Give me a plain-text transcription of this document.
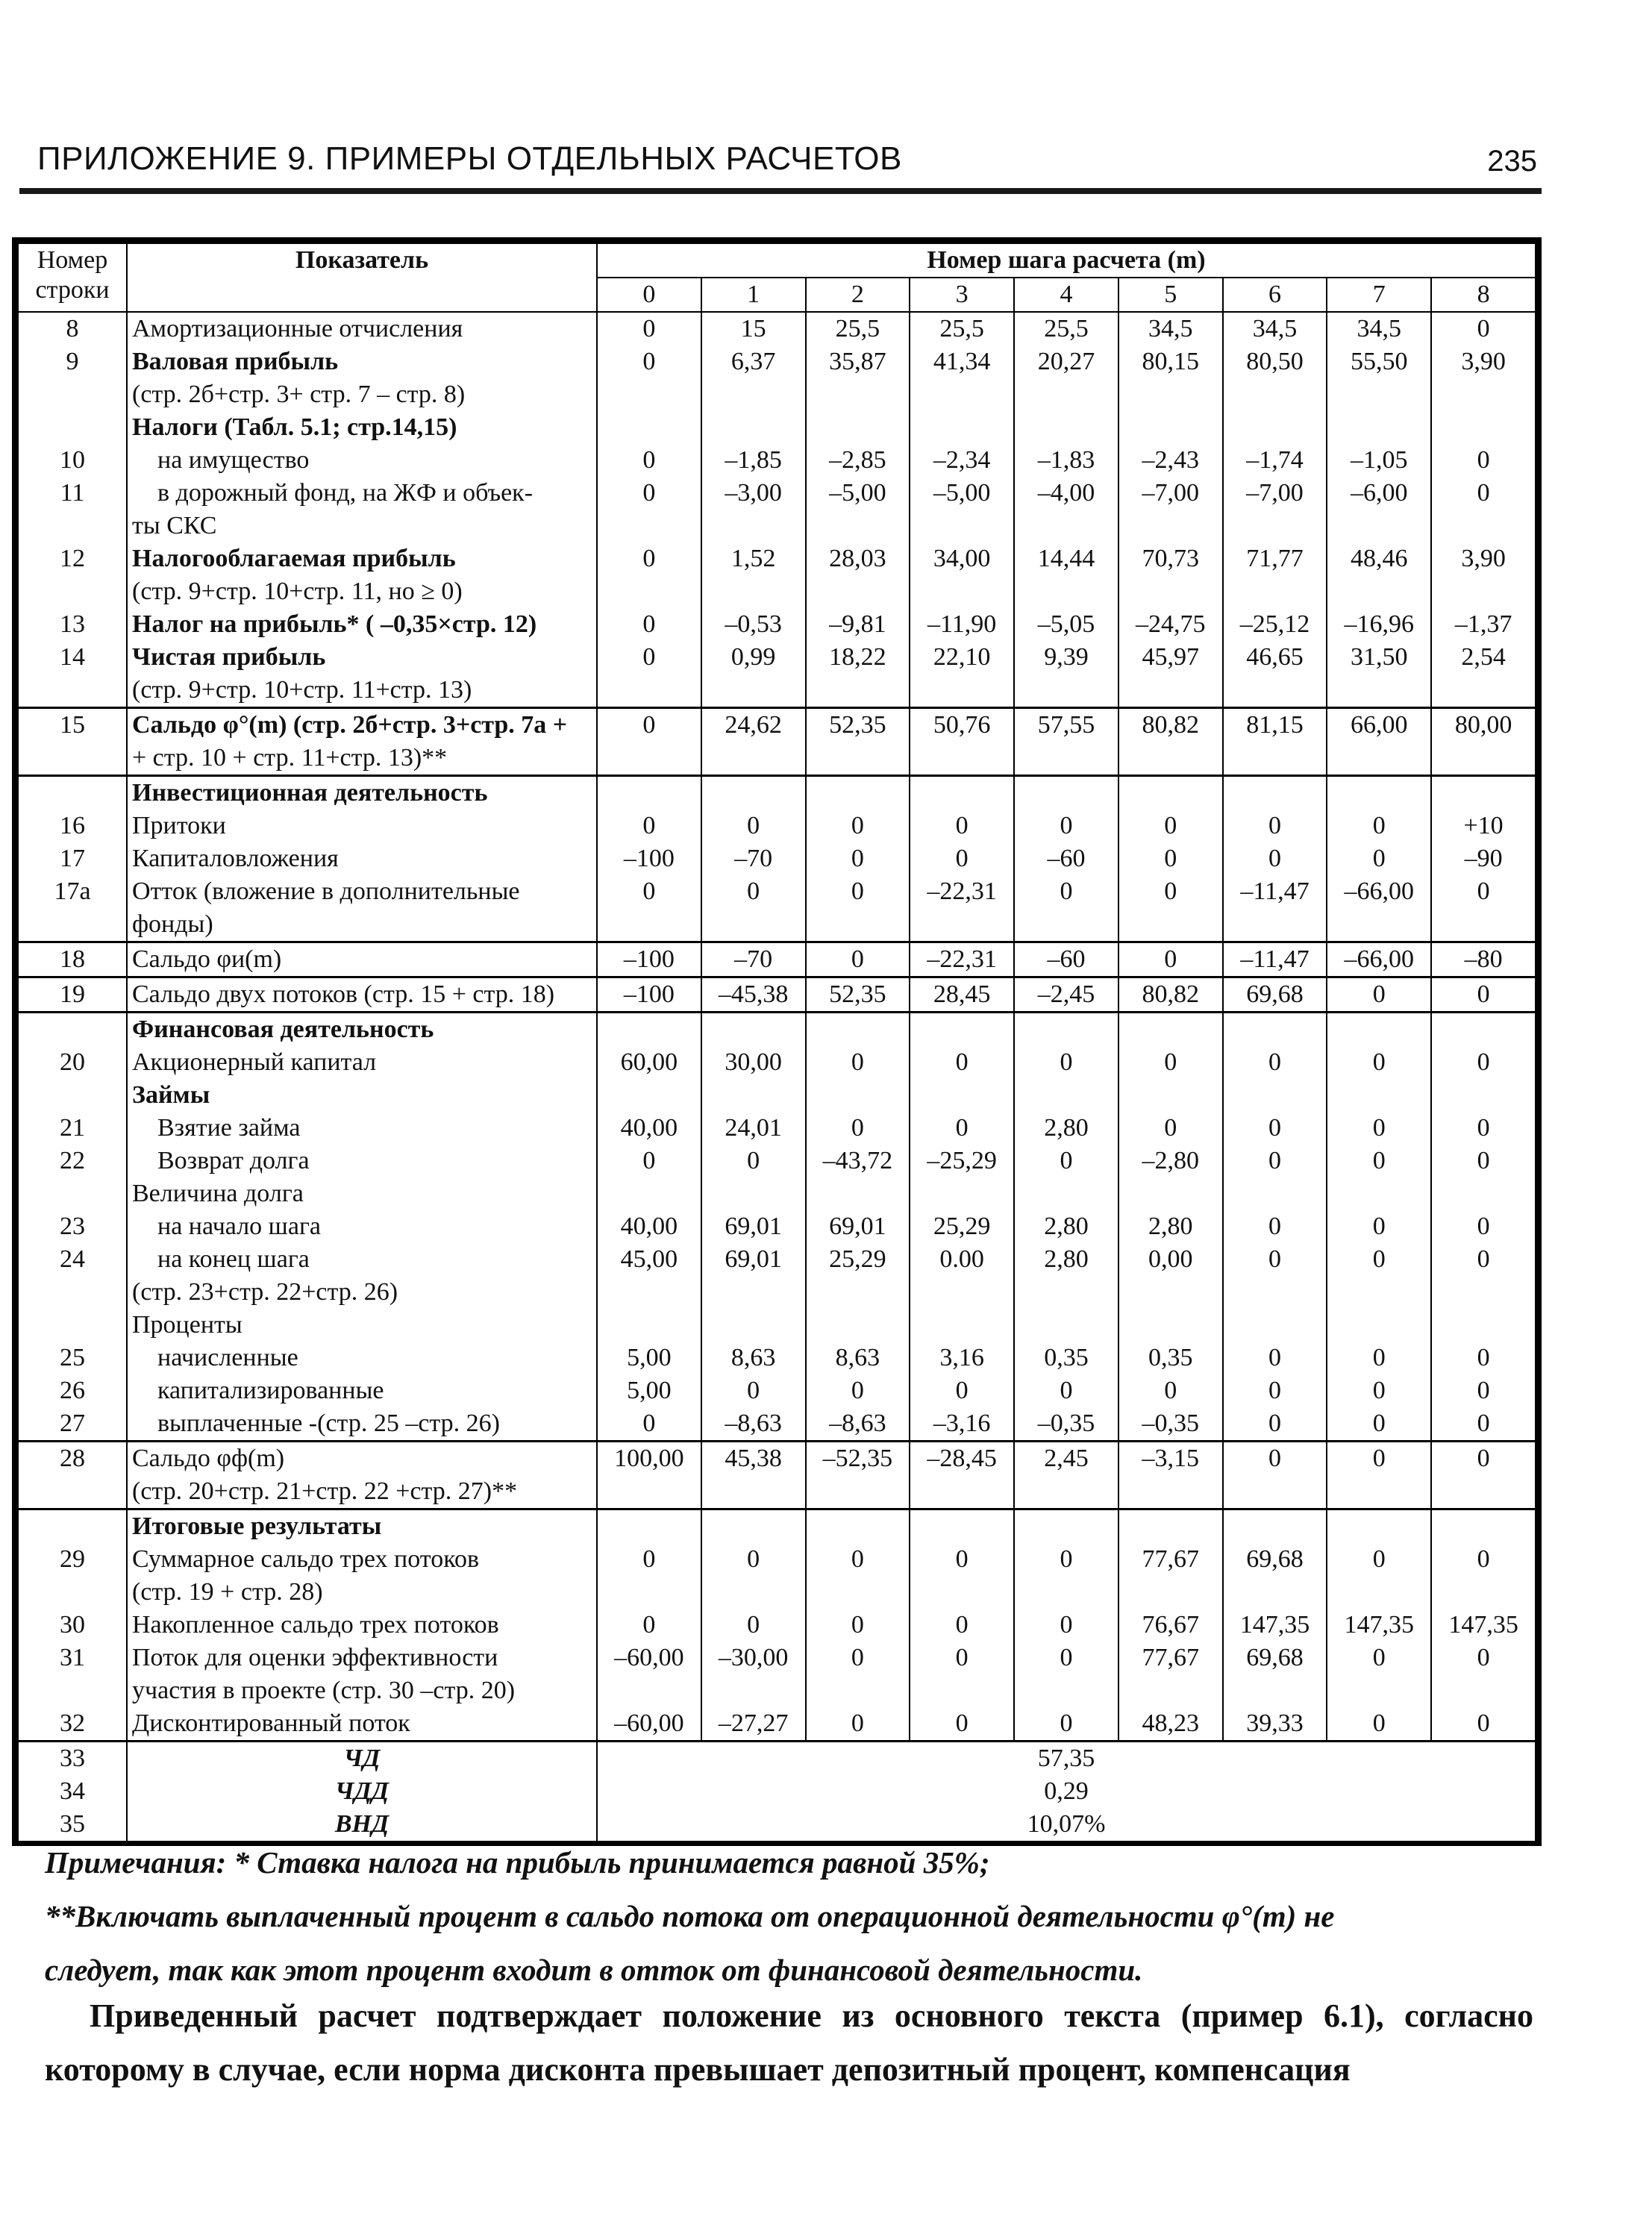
ПРИЛОЖЕНИЕ 9. ПРИМЕРЫ ОТДЕЛЬНЫХ РАСЧЕТОВ	235
Номер
строки	Показатель	Номер шага расчета (m)								
		0	1	2	3	4	5	6	7	8
8	Амортизационные отчисления	0	15	25,5	25,5	25,5	34,5	34,5	34,5	0
9	Валовая прибыль	0	6,37	35,87	41,34	20,27	80,15	80,50	55,50	3,90
	(стр. 2б+стр. 3+ стр. 7 – стр. 8)									
	Налоги (Табл. 5.1; стр.14,15)									
10	на имущество	0	–1,85	–2,85	–2,34	–1,83	–2,43	–1,74	–1,05	0
11	в дорожный фонд, на ЖФ и объек-	0	–3,00	–5,00	–5,00	–4,00	–7,00	–7,00	–6,00	0
	ты СКС									
12	Налогооблагаемая прибыль	0	1,52	28,03	34,00	14,44	70,73	71,77	48,46	3,90
	(стр. 9+стр. 10+стр. 11, но ≥ 0)									
13	Налог на прибыль* ( –0,35×стр. 12)	0	–0,53	–9,81	–11,90	–5,05	–24,75	–25,12	–16,96	–1,37
14	Чистая прибыль	0	0,99	18,22	22,10	9,39	45,97	46,65	31,50	2,54
	(стр. 9+стр. 10+стр. 11+стр. 13)									
15	Сальдо φ°(m) (стр. 2б+стр. 3+стр. 7а +	0	24,62	52,35	50,76	57,55	80,82	81,15	66,00	80,00
	+ стр. 10 + стр. 11+стр. 13)**									
	Инвестиционная деятельность									
16	Притоки	0	0	0	0	0	0	0	0	+10
17	Капиталовложения	–100	–70	0	0	–60	0	0	0	–90
17а	Отток (вложение в дополнительные	0	0	0	–22,31	0	0	–11,47	–66,00	0
	фонды)									
18	Сальдо φи(m)	–100	–70	0	–22,31	–60	0	–11,47	–66,00	–80
19	Сальдо двух потоков (стр. 15 + стр. 18)	–100	–45,38	52,35	28,45	–2,45	80,82	69,68	0	0
	Финансовая деятельность									
20	Акционерный капитал	60,00	30,00	0	0	0	0	0	0	0
	Займы									
21	Взятие займа	40,00	24,01	0	0	2,80	0	0	0	0
22	Возврат долга	0	0	–43,72	–25,29	0	–2,80	0	0	0
	Величина долга									
23	на начало шага	40,00	69,01	69,01	25,29	2,80	2,80	0	0	0
24	на конец шага	45,00	69,01	25,29	0.00	2,80	0,00	0	0	0
	(стр. 23+стр. 22+стр. 26)									
	Проценты									
25	начисленные	5,00	8,63	8,63	3,16	0,35	0,35	0	0	0
26	капитализированные	5,00	0	0	0	0	0	0	0	0
27	выплаченные -(стр. 25 –стр. 26)	0	–8,63	–8,63	–3,16	–0,35	–0,35	0	0	0
28	Сальдо φф(m)	100,00	45,38	–52,35	–28,45	2,45	–3,15	0	0	0
	(стр. 20+стр. 21+стр. 22 +стр. 27)**									
	Итоговые результаты									
29	Суммарное сальдо трех потоков	0	0	0	0	0	77,67	69,68	0	0
	(стр. 19 + стр. 28)									
30	Накопленное сальдо трех потоков	0	0	0	0	0	76,67	147,35	147,35	147,35
31	Поток для оценки эффективности	–60,00	–30,00	0	0	0	77,67	69,68	0	0
	участия в проекте (стр. 30 –стр. 20)									
32	Дисконтированный поток	–60,00	–27,27	0	0	0	48,23	39,33	0	0
33	ЧД	57,35								
34	ЧДД	0,29								
35	ВНД	10,07%								
Примечания: * Ставка налога на прибыль принимается равной 35%;
**Включать выплаченный процент в сальдо потока от операционной деятельности φ°(m) не
следует, так как этот процент входит в отток от финансовой деятельности.
Приведенный расчет подтверждает положение из основного текста (пример 6.1), согласно которому в случае, если норма дисконта превышает депозитный процент, компенсация
